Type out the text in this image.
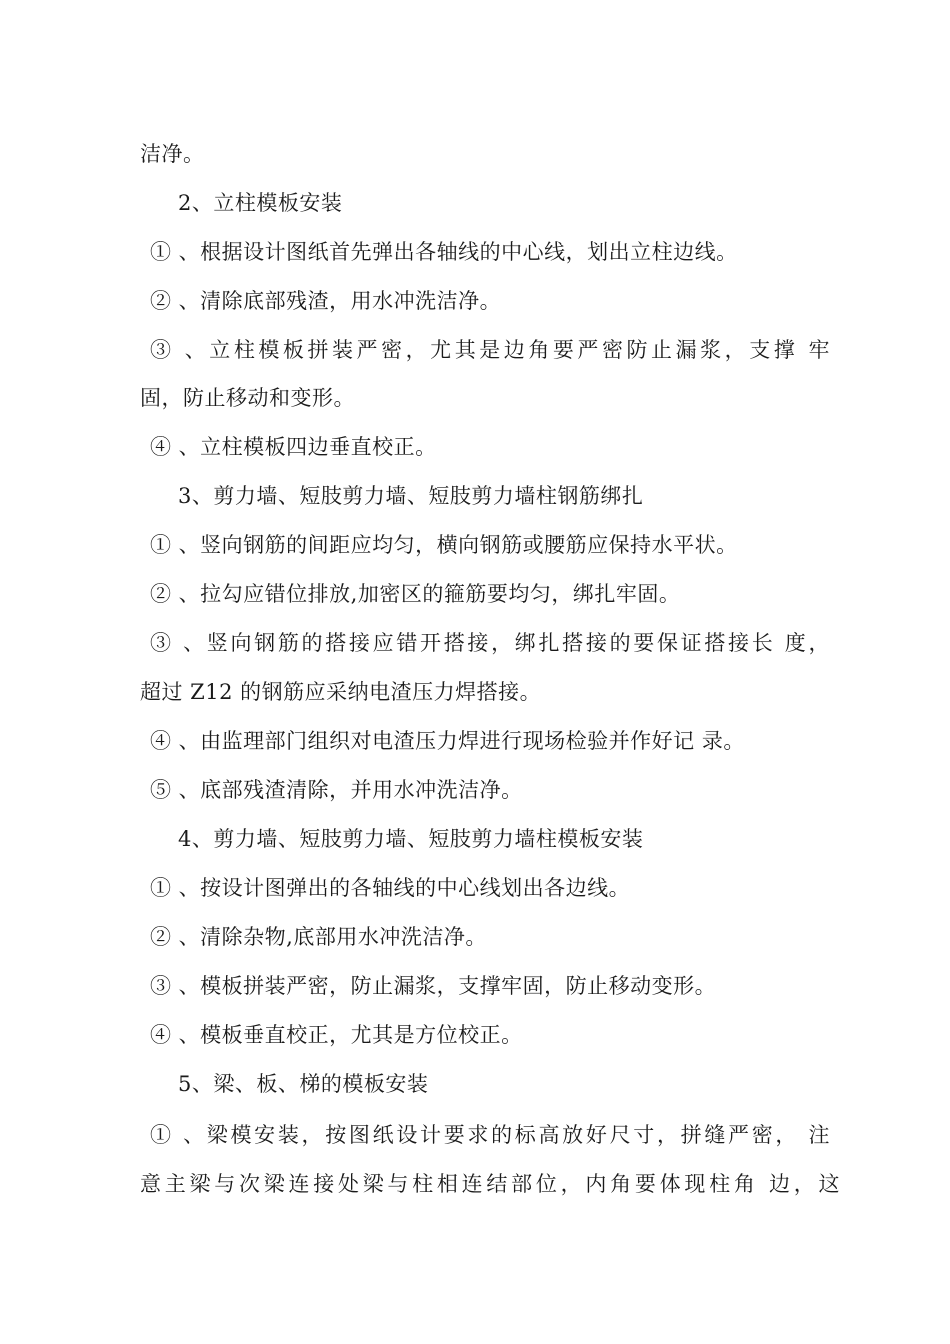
洁净。
2、立柱模板安装
① 、根据设计图纸首先弹出各轴线的中心线，划出立柱边线。
② 、清除底部残渣，用水冲洗洁净。
③ 、立柱模板拼装严密，尤其是边角要严密防止漏浆，支撑 牢
固，防止移动和变形。
④ 、立柱模板四边垂直校正。
3、剪力墙、短肢剪力墙、短肢剪力墙柱钢筋绑扎
① 、竖向钢筋的间距应均匀，横向钢筋或腰筋应保持水平状。
② 、拉勾应错位排放,加密区的箍筋要均匀，绑扎牢固。
③ 、竖向钢筋的搭接应错开搭接，绑扎搭接的要保证搭接长 度，
超过 Z12 的钢筋应采纳电渣压力焊搭接。
④ 、由监理部门组织对电渣压力焊进行现场检验并作好记 录。
⑤ 、底部残渣清除，并用水冲洗洁净。
4、剪力墙、短肢剪力墙、短肢剪力墙柱模板安装
① 、按设计图弹出的各轴线的中心线划出各边线。
② 、清除杂物,底部用水冲洗洁净。
③ 、模板拼装严密，防止漏浆，支撑牢固，防止移动变形。
④ 、模板垂直校正，尤其是方位校正。
5、梁、板、梯的模板安装
① 、梁模安装，按图纸设计要求的标高放好尺寸，拼缝严密， 注
意主梁与次梁连接处梁与柱相连结部位，内角要体现柱角 边，这
